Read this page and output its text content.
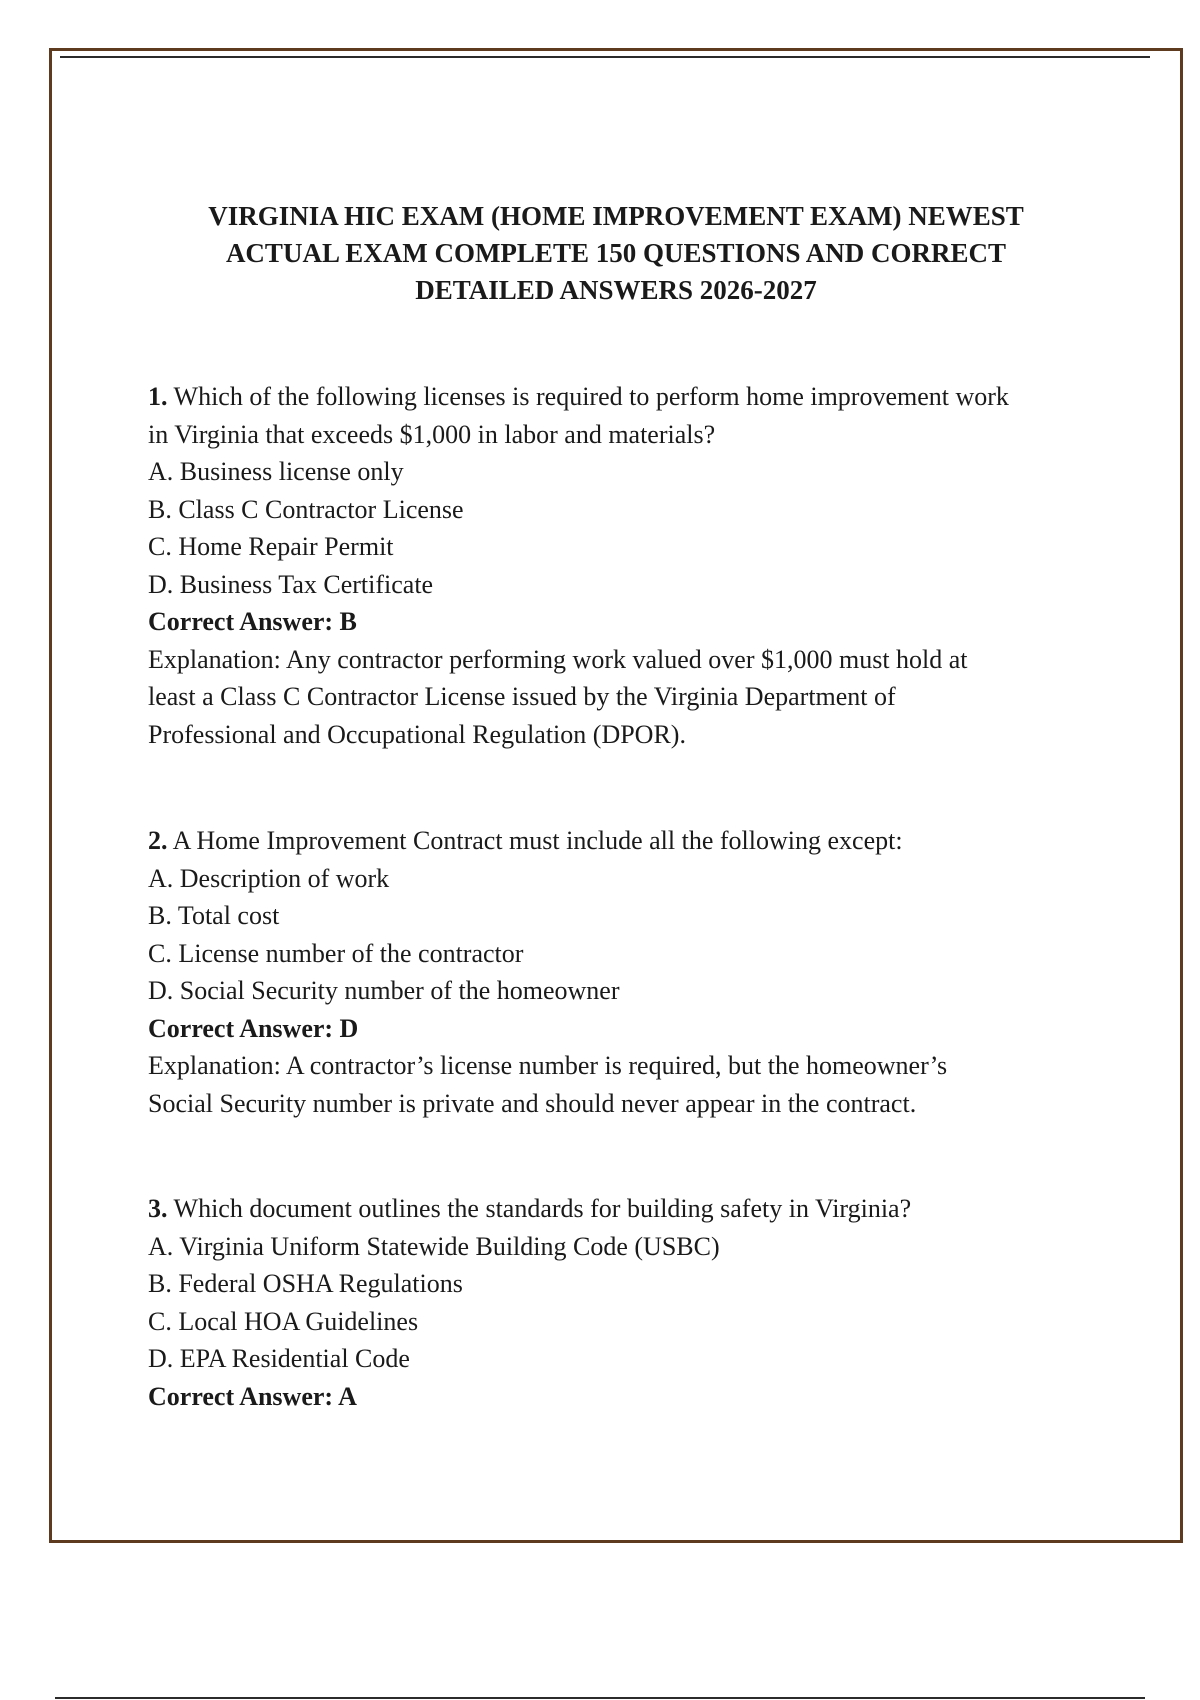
VIRGINIA HIC EXAM (HOME IMPROVEMENT EXAM) NEWEST
ACTUAL EXAM COMPLETE 150 QUESTIONS AND CORRECT
DETAILED ANSWERS 2026-2027
1. Which of the following licenses is required to perform home improvement work
in Virginia that exceeds $1,000 in labor and materials?
A. Business license only
B. Class C Contractor License
C. Home Repair Permit
D. Business Tax Certificate
Correct Answer: B
Explanation: Any contractor performing work valued over $1,000 must hold at
least a Class C Contractor License issued by the Virginia Department of
Professional and Occupational Regulation (DPOR).
2. A Home Improvement Contract must include all the following except:
A. Description of work
B. Total cost
C. License number of the contractor
D. Social Security number of the homeowner
Correct Answer: D
Explanation: A contractor’s license number is required, but the homeowner’s
Social Security number is private and should never appear in the contract.
3. Which document outlines the standards for building safety in Virginia?
A. Virginia Uniform Statewide Building Code (USBC)
B. Federal OSHA Regulations
C. Local HOA Guidelines
D. EPA Residential Code
Correct Answer: A
